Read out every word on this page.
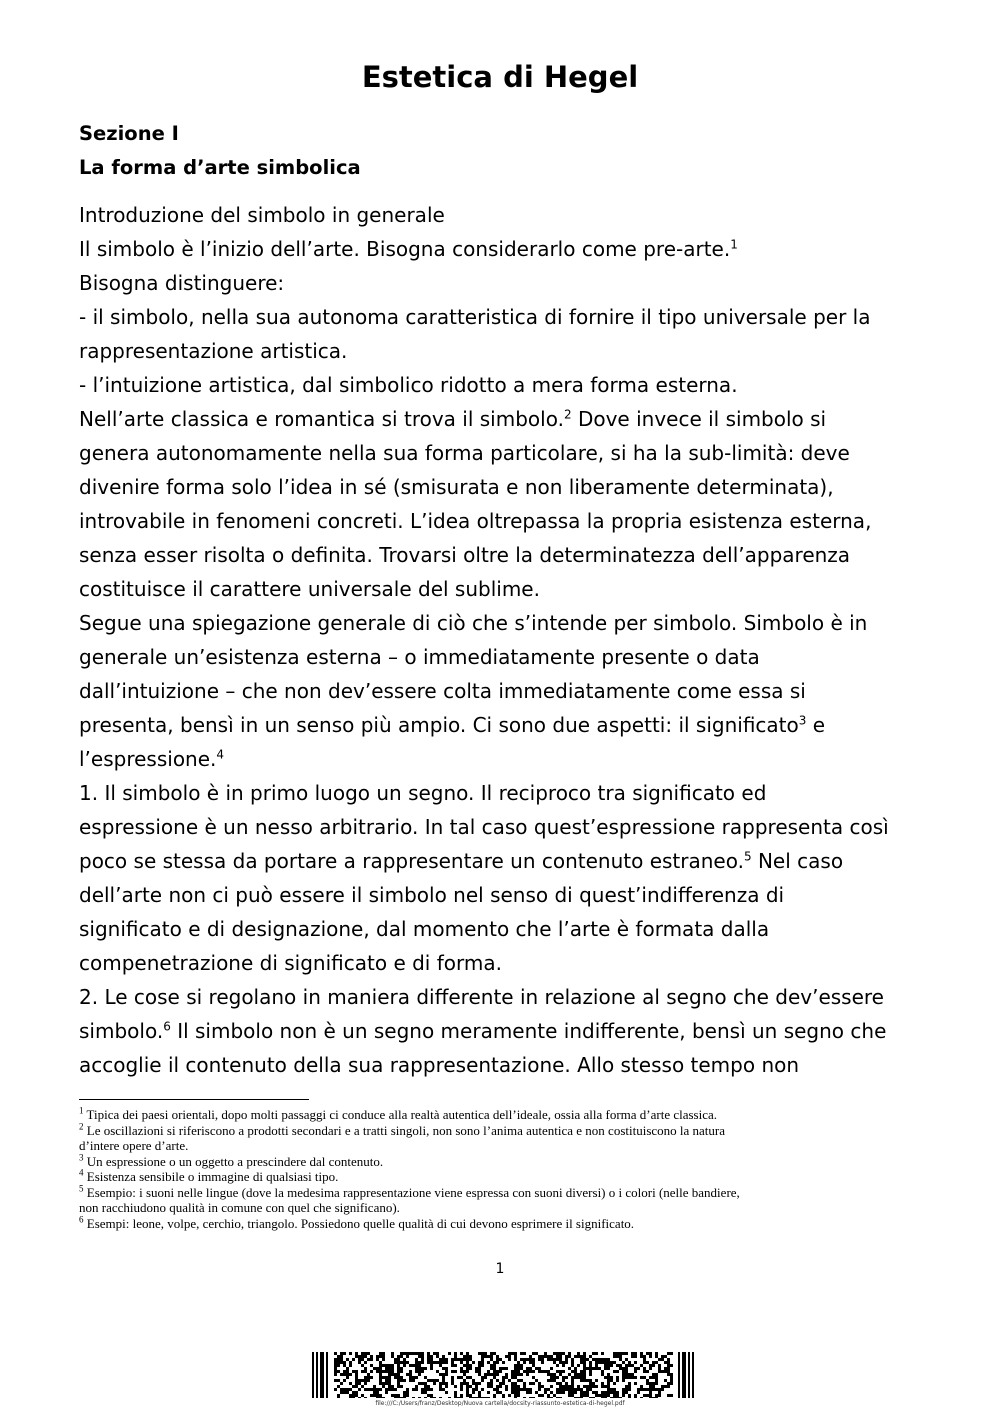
Estetica di Hegel

Sezione I

La forma d’arte simbolica

Introduzione del simbolo in generale
Il simbolo è l’inizio dell’arte. Bisogna considerarlo come pre-arte.$^1$
Bisogna distinguere:
- il simbolo, nella sua autonoma caratteristica di fornire il tipo universale per la
rappresentazione artistica.
- l’intuizione artistica, dal simbolico ridotto a mera forma esterna.
Nell’arte classica e romantica si trova il simbolo.$^2$ Dove invece il simbolo si
genera autonomamente nella sua forma particolare, si ha la sub-limità: deve
divenire forma solo l’idea in sé (smisurata e non liberamente determinata),
introvabile in fenomeni concreti. L’idea oltrepassa la propria esistenza esterna,
senza esser risolta o definita. Trovarsi oltre la determinatezza dell’apparenza
costituisce il carattere universale del sublime.
Segue una spiegazione generale di ciò che s’intende per simbolo. Simbolo è in
generale un’esistenza esterna – o immediatamente presente o data
dall’intuizione – che non dev’essere colta immediatamente come essa si
presenta, bensì in un senso più ampio. Ci sono due aspetti: il significato$^3$ e
l’espressione.$^4$
1. Il simbolo è in primo luogo un segno. Il reciproco tra significato ed
espressione è un nesso arbitrario. In tal caso quest’espressione rappresenta così
poco se stessa da portare a rappresentare un contenuto estraneo.$^5$ Nel caso
dell’arte non ci può essere il simbolo nel senso di quest’indifferenza di
significato e di designazione, dal momento che l’arte è formata dalla
compenetrazione di significato e di forma.
2. Le cose si regolano in maniera differente in relazione al segno che dev’essere
simbolo.$^6$ Il simbolo non è un segno meramente indifferente, bensì un segno che
accoglie il contenuto della sua rappresentazione. Allo stesso tempo non
$^1$ Tipica dei paesi orientali, dopo molti passaggi ci conduce alla realtà autentica dell’ideale, ossia alla forma d’arte classica.
$^2$ Le oscillazioni si riferiscono a prodotti secondari e a tratti singoli, non sono l’anima autentica e non costituiscono la natura
d’intere opere d’arte.
$^3$ Un espressione o un oggetto a prescindere dal contenuto.
$^4$ Esistenza sensibile o immagine di qualsiasi tipo.
$^5$ Esempio: i suoni nelle lingue (dove la medesima rappresentazione viene espressa con suoni diversi) o i colori (nelle bandiere,
non racchiudono qualità in comune con quel che significano).
$^6$ Esempi: leone, volpe, cerchio, triangolo. Possiedono quelle qualità di cui devono esprimere il significato.
1
file:///C:/Users/franz/Desktop/Nuova cartella/docsity-riassunto-estetica-di-hegel.pdf
